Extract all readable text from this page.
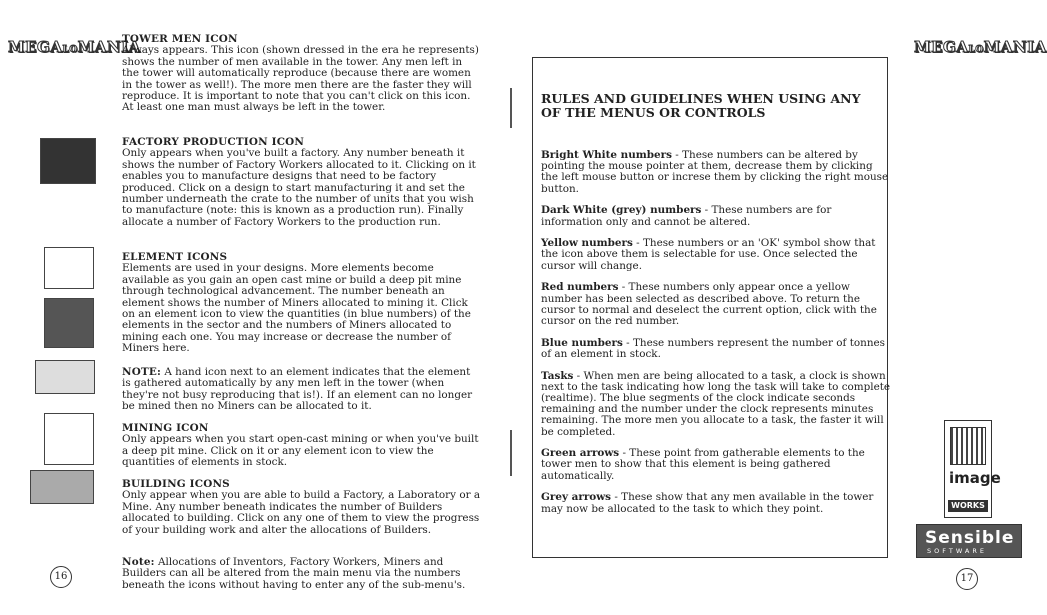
MEGALOMANIA
TOWER MEN ICON
Always appears. This icon (shown dressed in the era he represents) shows the number of men available in the tower. Any men left in the tower will automatically reproduce (because there are women in the tower as well!). The more men there are the faster they will reproduce. It is important to note that you can't click on this icon. At least one man must always be left in the tower.
FACTORY PRODUCTION ICON
Only appears when you've built a factory. Any number beneath it shows the number of Factory Workers allocated to it. Clicking on it enables you to manufacture designs that need to be factory produced. Click on a design to start manufacturing it and set the number underneath the crate to the number of units that you wish to manufacture (note: this is known as a production run). Finally allocate a number of Factory Workers to the production run.
ELEMENT ICONS
Elements are used in your designs. More elements become available as you gain an open cast mine or build a deep pit mine through technological advancement. The number beneath an element shows the number of Miners allocated to mining it. Click on an element icon to view the quantities (in blue numbers) of the elements in the sector and the numbers of Miners allocated to mining each one. You may increase or decrease the number of Miners here.
NOTE: A hand icon next to an element indicates that the element is gathered automatically by any men left in the tower (when they're not busy reproducing that is!). If an element can no longer be mined then no Miners can be allocated to it.
MINING ICON
Only appears when you start open-cast mining or when you've built a deep pit mine. Click on it or any element icon to view the quantities of elements in stock.
BUILDING ICONS
Only appear when you are able to build a Factory, a Laboratory or a Mine. Any number beneath indicates the number of Builders allocated to building. Click on any one of them to view the progress of your building work and alter the allocations of Builders.
Note: Allocations of Inventors, Factory Workers, Miners and Builders can all be altered from the main menu via the numbers beneath the icons without having to enter any of the sub-menu's.
16
MEGALOMANIA
RULES AND GUIDELINES WHEN USING ANY OF THE MENUS OR CONTROLS
Bright White numbers - These numbers can be altered by pointing the mouse pointer at them, decrease them by clicking the left mouse button or increse them by clicking the right mouse button.
Dark White (grey) numbers - These numbers are for information only and cannot be altered.
Yellow numbers - These numbers or an 'OK' symbol show that the icon above them is selectable for use. Once selected the cursor will change.
Red numbers - These numbers only appear once a yellow number has been selected as described above. To return the cursor to normal and deselect the current option, click with the cursor on the red number.
Blue numbers - These numbers represent the number of tonnes of an element in stock.
Tasks - When men are being allocated to a task, a clock is shown next to the task indicating how long the task will take to complete (realtime). The blue segments of the clock indicate seconds remaining and the number under the clock represents minutes remaining. The more men you allocate to a task, the faster it will be completed.
Green arrows - These point from gatherable elements to the tower men to show that this element is being gathered automatically.
Grey arrows - These show that any men available in the tower may now be allocated to the task to which they point.
image
WORKS
Sensible
SOFTWARE
17
